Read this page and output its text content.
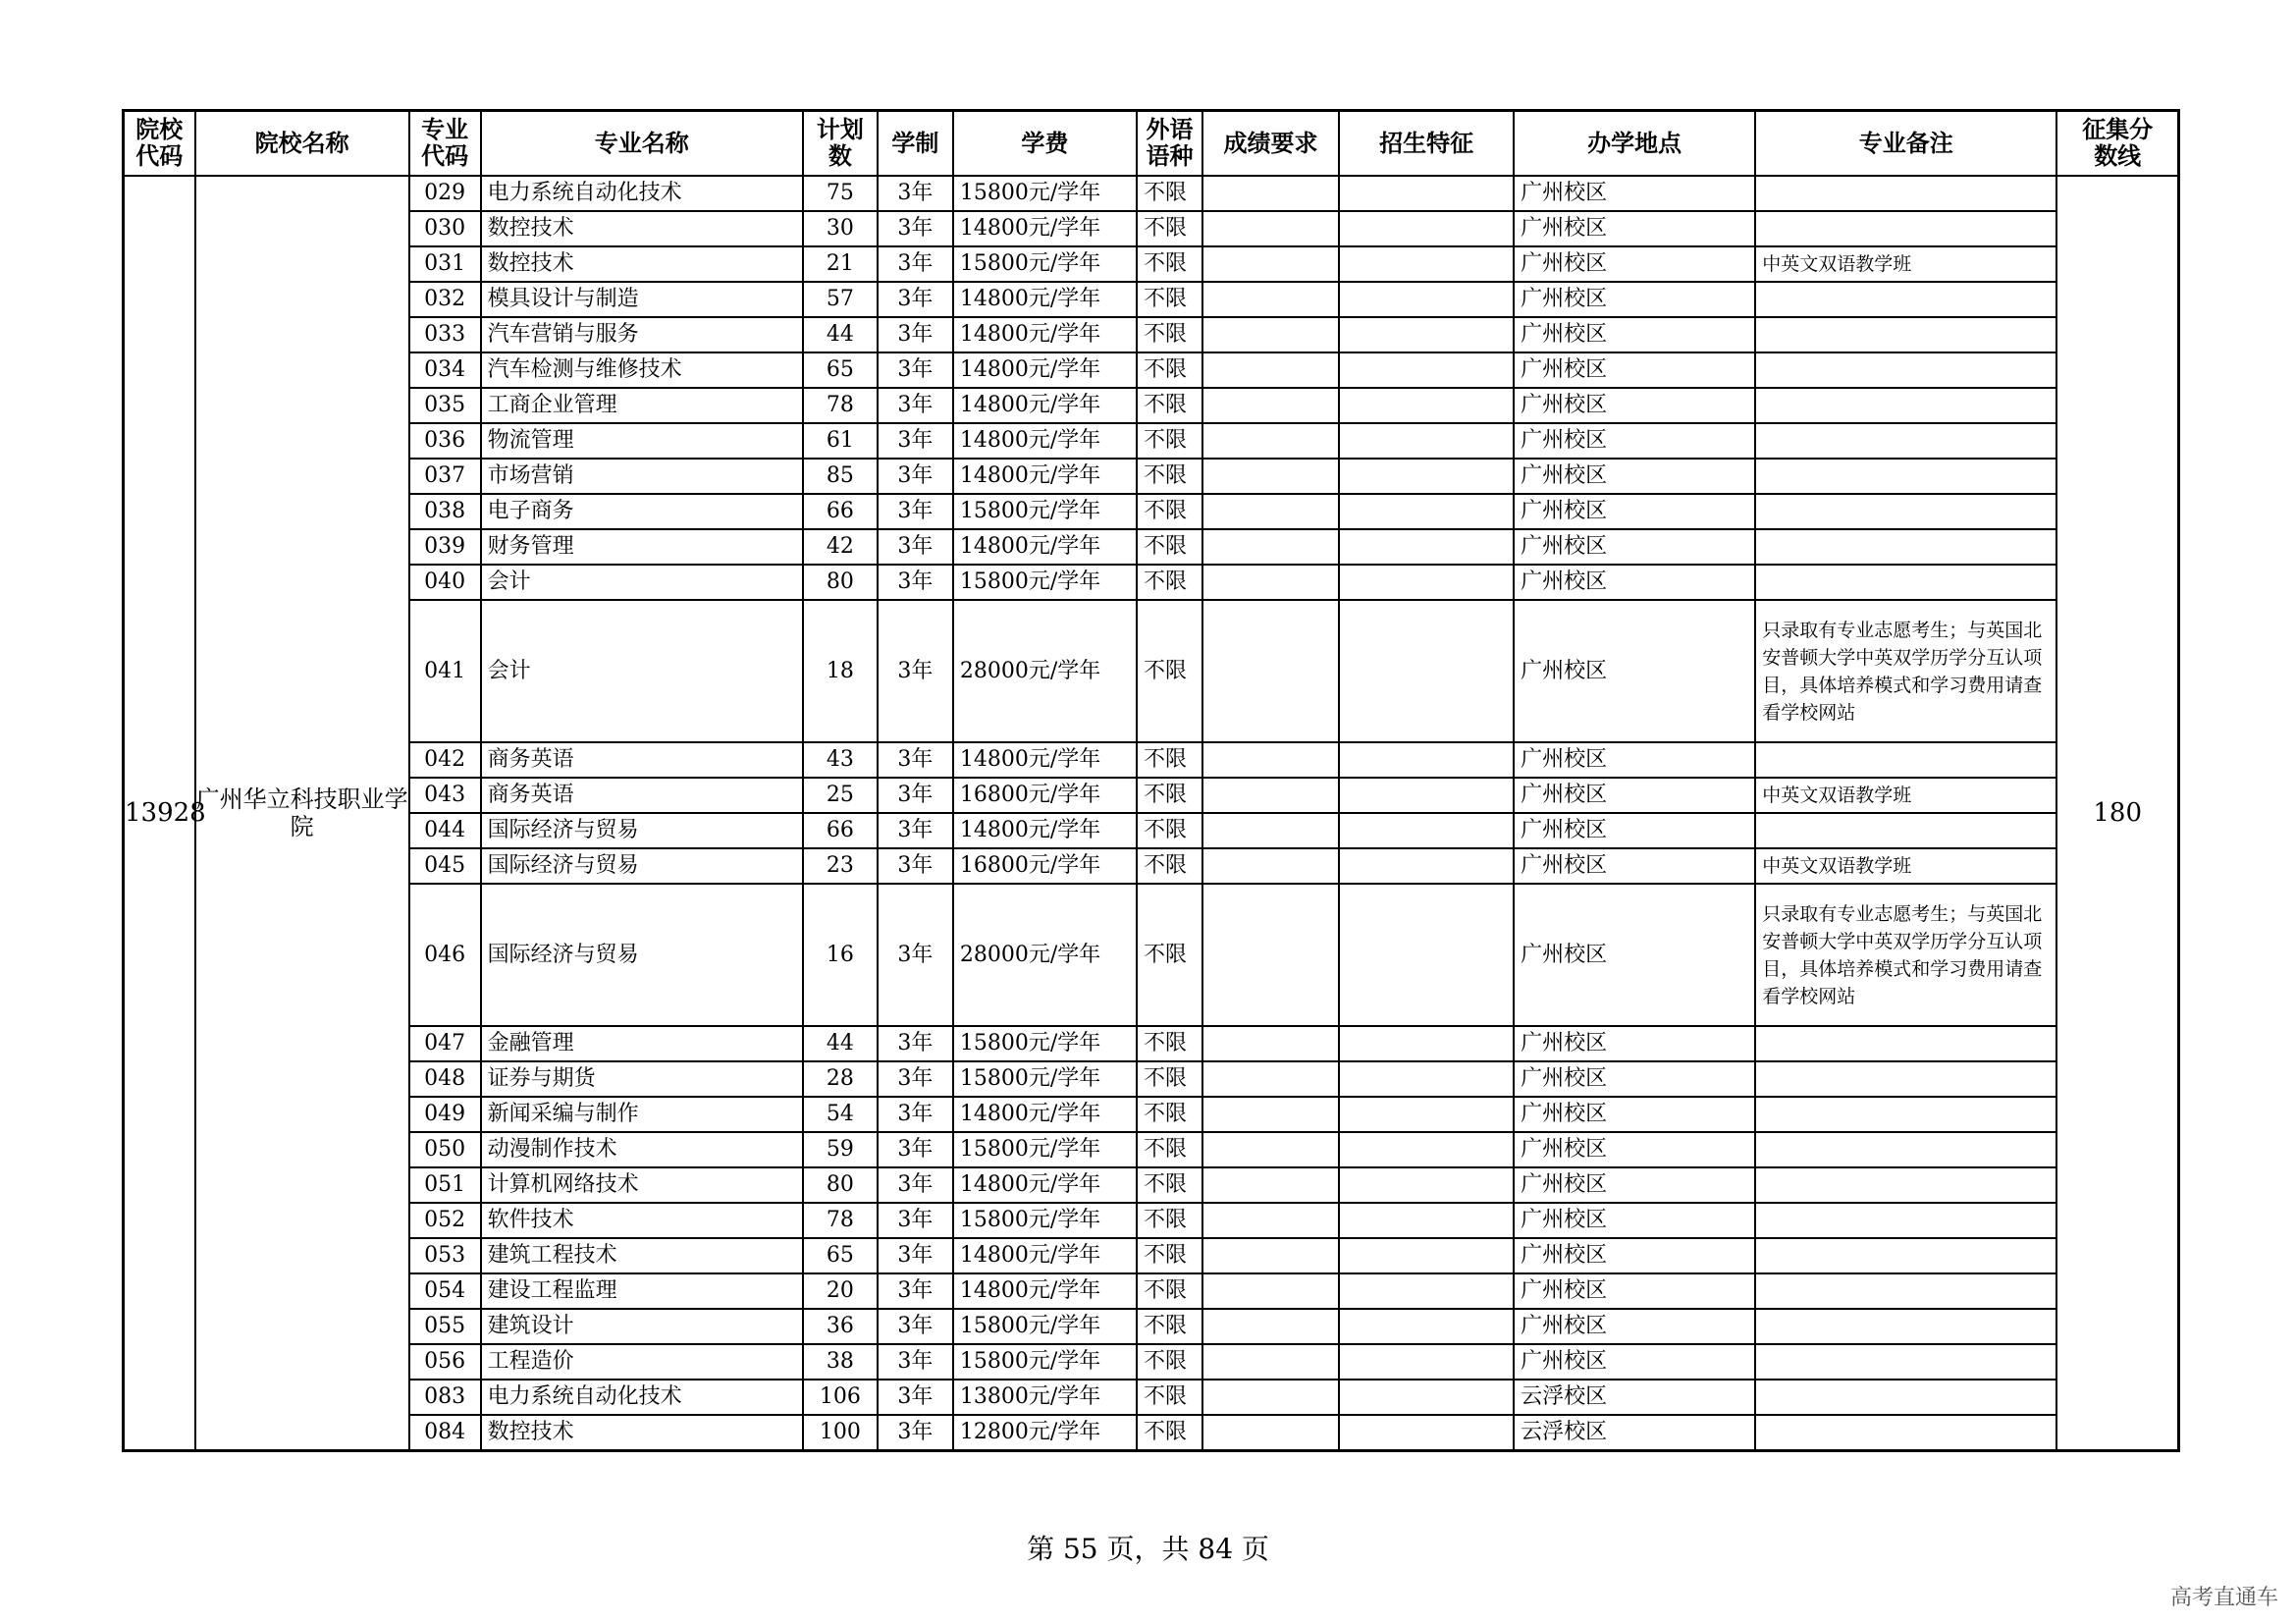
院校代码	院校名称	专业代码	专业名称	计划数	学制	学费	外语语种	成绩要求	招生特征	办学地点	专业备注	征集分数线
13928	广州华立科技职业学院	029	电力系统自动化技术	75	3年	15800元/学年	不限			广州校区		180
		030	数控技术	30	3年	14800元/学年	不限			广州校区		
		031	数控技术	21	3年	15800元/学年	不限			广州校区	中英文双语教学班	
		032	模具设计与制造	57	3年	14800元/学年	不限			广州校区		
		033	汽车营销与服务	44	3年	14800元/学年	不限			广州校区		
		034	汽车检测与维修技术	65	3年	14800元/学年	不限			广州校区		
		035	工商企业管理	78	3年	14800元/学年	不限			广州校区		
		036	物流管理	61	3年	14800元/学年	不限			广州校区		
		037	市场营销	85	3年	14800元/学年	不限			广州校区		
		038	电子商务	66	3年	15800元/学年	不限			广州校区		
		039	财务管理	42	3年	14800元/学年	不限			广州校区		
		040	会计	80	3年	15800元/学年	不限			广州校区		
		041	会计	18	3年	28000元/学年	不限			广州校区	只录取有专业志愿考生；与英国北安普顿大学中英双学历学分互认项目，具体培养模式和学习费用请查看学校网站	
		042	商务英语	43	3年	14800元/学年	不限			广州校区		
		043	商务英语	25	3年	16800元/学年	不限			广州校区	中英文双语教学班	
		044	国际经济与贸易	66	3年	14800元/学年	不限			广州校区		
		045	国际经济与贸易	23	3年	16800元/学年	不限			广州校区	中英文双语教学班	
		046	国际经济与贸易	16	3年	28000元/学年	不限			广州校区	只录取有专业志愿考生；与英国北安普顿大学中英双学历学分互认项目，具体培养模式和学习费用请查看学校网站	
		047	金融管理	44	3年	15800元/学年	不限			广州校区		
		048	证券与期货	28	3年	15800元/学年	不限			广州校区		
		049	新闻采编与制作	54	3年	14800元/学年	不限			广州校区		
		050	动漫制作技术	59	3年	15800元/学年	不限			广州校区		
		051	计算机网络技术	80	3年	14800元/学年	不限			广州校区		
		052	软件技术	78	3年	15800元/学年	不限			广州校区		
		053	建筑工程技术	65	3年	14800元/学年	不限			广州校区		
		054	建设工程监理	20	3年	14800元/学年	不限			广州校区		
		055	建筑设计	36	3年	15800元/学年	不限			广州校区		
		056	工程造价	38	3年	15800元/学年	不限			广州校区		
		083	电力系统自动化技术	106	3年	13800元/学年	不限			云浮校区		
		084	数控技术	100	3年	12800元/学年	不限			云浮校区		
第 55 页，共 84 页
高考直通车
